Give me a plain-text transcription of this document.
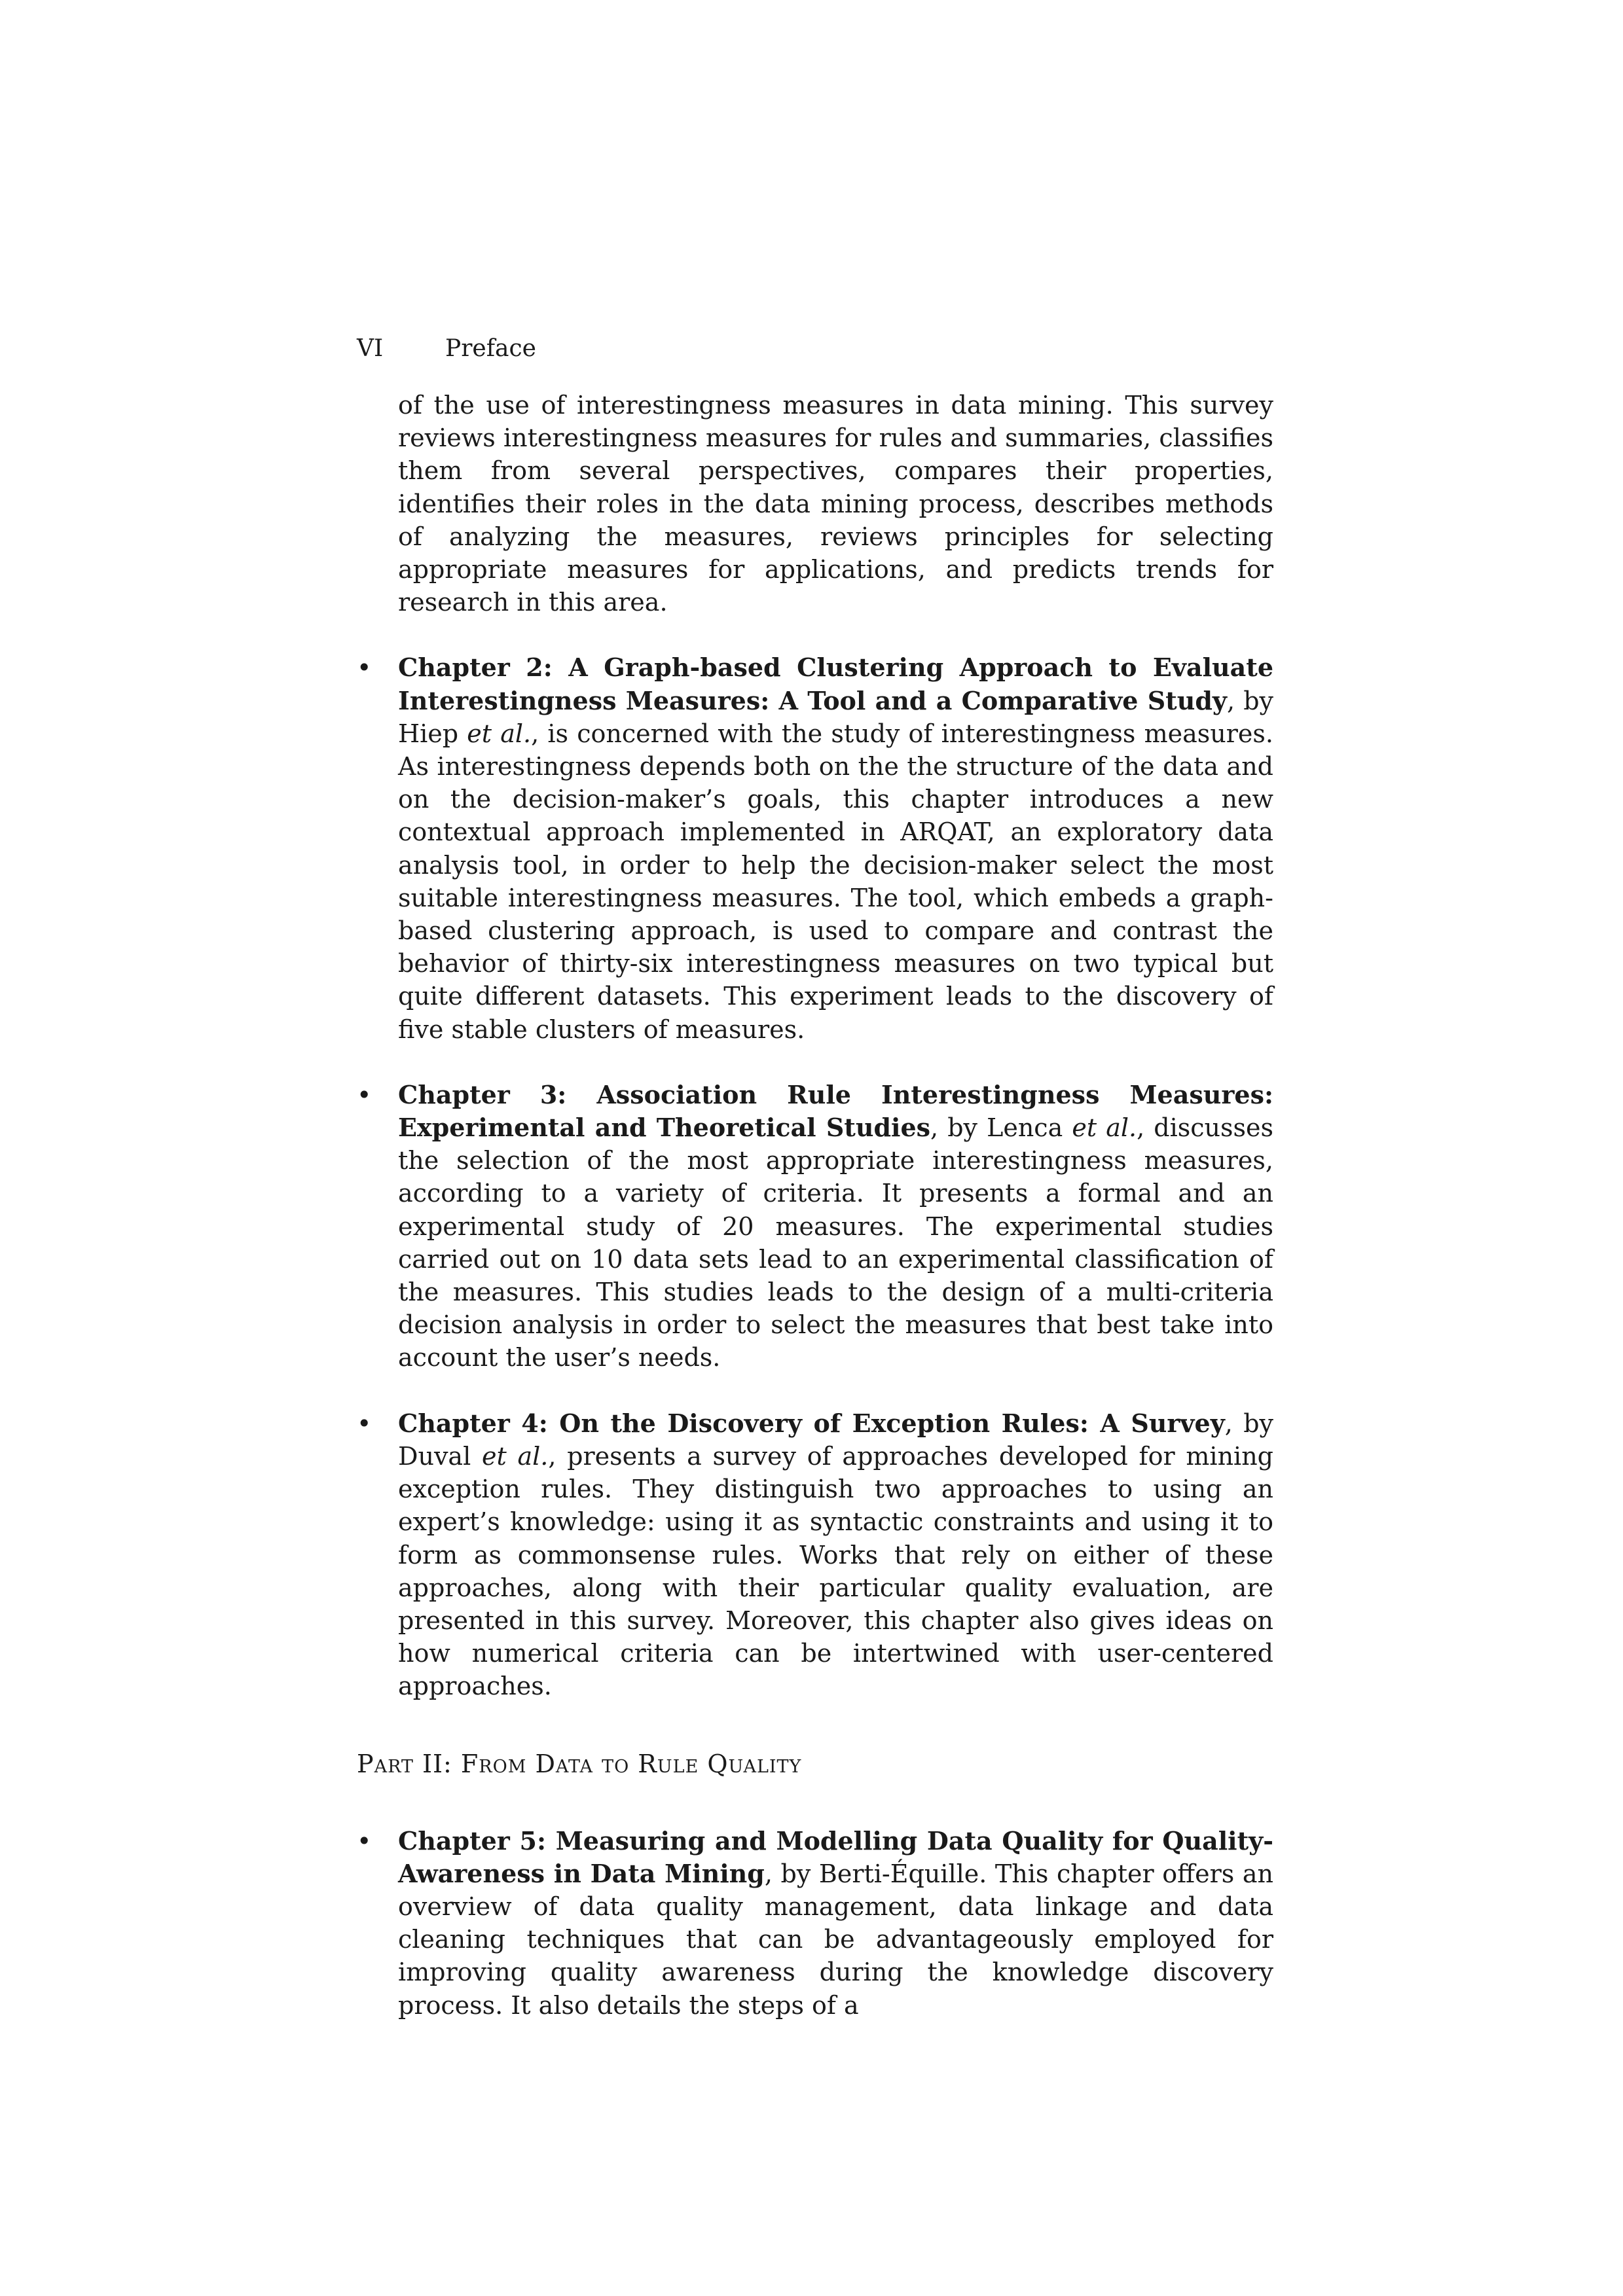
VI	Preface

of the use of interestingness measures in data mining. This survey reviews interestingness measures for rules and summaries, classifies them from several perspectives, compares their properties, identifies their roles in the data mining process, describes methods of analyzing the measures, reviews principles for selecting appropriate measures for applications, and predicts trends for research in this area.

• Chapter 2: A Graph-based Clustering Approach to Evaluate Interestingness Measures: A Tool and a Comparative Study, by Hiep et al., is concerned with the study of interestingness measures. As interestingness depends both on the the structure of the data and on the decision-maker’s goals, this chapter introduces a new contextual approach implemented in ARQAT, an exploratory data analysis tool, in order to help the decision-maker select the most suitable interestingness measures. The tool, which embeds a graph-based clustering approach, is used to compare and contrast the behavior of thirty-six interestingness measures on two typical but quite different datasets. This experiment leads to the discovery of five stable clusters of measures.

• Chapter 3: Association Rule Interestingness Measures: Experimental and Theoretical Studies, by Lenca et al., discusses the selection of the most appropriate interestingness measures, according to a variety of criteria. It presents a formal and an experimental study of 20 measures. The experimental studies carried out on 10 data sets lead to an experimental classification of the measures. This studies leads to the design of a multi-criteria decision analysis in order to select the measures that best take into account the user’s needs.

• Chapter 4: On the Discovery of Exception Rules: A Survey, by Duval et al., presents a survey of approaches developed for mining exception rules. They distinguish two approaches to using an expert’s knowledge: using it as syntactic constraints and using it to form as commonsense rules. Works that rely on either of these approaches, along with their particular quality evaluation, are presented in this survey. Moreover, this chapter also gives ideas on how numerical criteria can be intertwined with user-centered approaches.

Part II: From Data to Rule Quality

• Chapter 5: Measuring and Modelling Data Quality for Quality-Awareness in Data Mining, by Berti-Équille. This chapter offers an overview of data quality management, data linkage and data cleaning techniques that can be advantageously employed for improving quality awareness during the knowledge discovery process. It also details the steps of a
